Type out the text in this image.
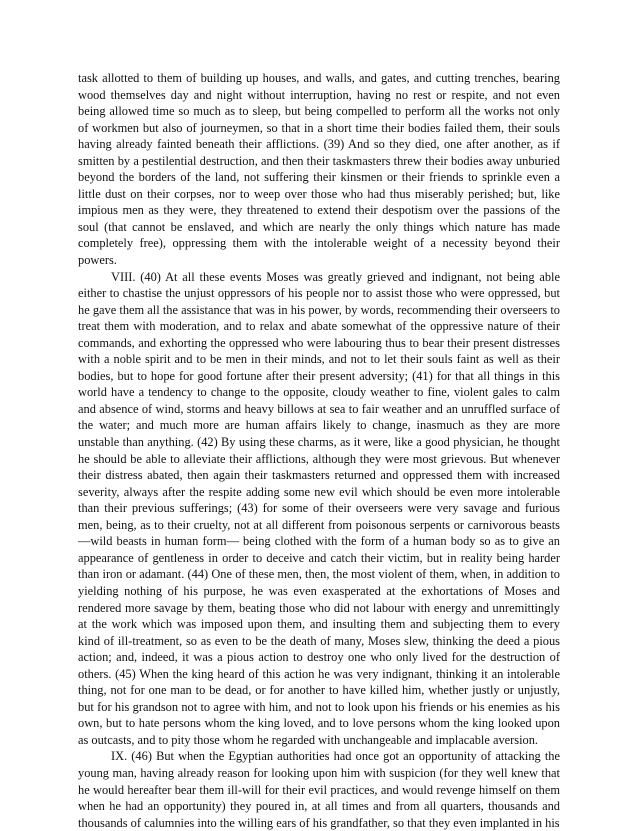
task allotted to them of building up houses, and walls, and gates, and cutting trenches, bearing wood themselves day and night without interruption, having no rest or respite, and not even being allowed time so much as to sleep, but being compelled to perform all the works not only of workmen but also of journeymen, so that in a short time their bodies failed them, their souls having already fainted beneath their afflictions. (39) And so they died, one after another, as if smitten by a pestilential destruction, and then their taskmasters threw their bodies away unburied beyond the borders of the land, not suffering their kinsmen or their friends to sprinkle even a little dust on their corpses, nor to weep over those who had thus miserably perished; but, like impious men as they were, they threatened to extend their despotism over the passions of the soul (that cannot be enslaved, and which are nearly the only things which nature has made completely free), oppressing them with the intolerable weight of a necessity beyond their powers.

VIII. (40) At all these events Moses was greatly grieved and indignant, not being able either to chastise the unjust oppressors of his people nor to assist those who were oppressed, but he gave them all the assistance that was in his power, by words, recommending their overseers to treat them with moderation, and to relax and abate somewhat of the oppressive nature of their commands, and exhorting the oppressed who were labouring thus to bear their present distresses with a noble spirit and to be men in their minds, and not to let their souls faint as well as their bodies, but to hope for good fortune after their present adversity; (41) for that all things in this world have a tendency to change to the opposite, cloudy weather to fine, violent gales to calm and absence of wind, storms and heavy billows at sea to fair weather and an unruffled surface of the water; and much more are human affairs likely to change, inasmuch as they are more unstable than anything. (42) By using these charms, as it were, like a good physician, he thought he should be able to alleviate their afflictions, although they were most grievous. But whenever their distress abated, then again their taskmasters returned and oppressed them with increased severity, always after the respite adding some new evil which should be even more intolerable than their previous sufferings; (43) for some of their overseers were very savage and furious men, being, as to their cruelty, not at all different from poisonous serpents or carnivorous beasts—wild beasts in human form— being clothed with the form of a human body so as to give an appearance of gentleness in order to deceive and catch their victim, but in reality being harder than iron or adamant. (44) One of these men, then, the most violent of them, when, in addition to yielding nothing of his purpose, he was even exasperated at the exhortations of Moses and rendered more savage by them, beating those who did not labour with energy and unremittingly at the work which was imposed upon them, and insulting them and subjecting them to every kind of ill-treatment, so as even to be the death of many, Moses slew, thinking the deed a pious action; and, indeed, it was a pious action to destroy one who only lived for the destruction of others. (45) When the king heard of this action he was very indignant, thinking it an intolerable thing, not for one man to be dead, or for another to have killed him, whether justly or unjustly, but for his grandson not to agree with him, and not to look upon his friends or his enemies as his own, but to hate persons whom the king loved, and to love persons whom the king looked upon as outcasts, and to pity those whom he regarded with unchangeable and implacable aversion.

IX. (46) But when the Egyptian authorities had once got an opportunity of attacking the young man, having already reason for looking upon him with suspicion (for they well knew that he would hereafter bear them ill-will for their evil practices, and would revenge himself on them when he had an opportunity) they poured in, at all times and from all quarters, thousands and thousands of calumnies into the willing ears of his grandfather, so that they even implanted in his
